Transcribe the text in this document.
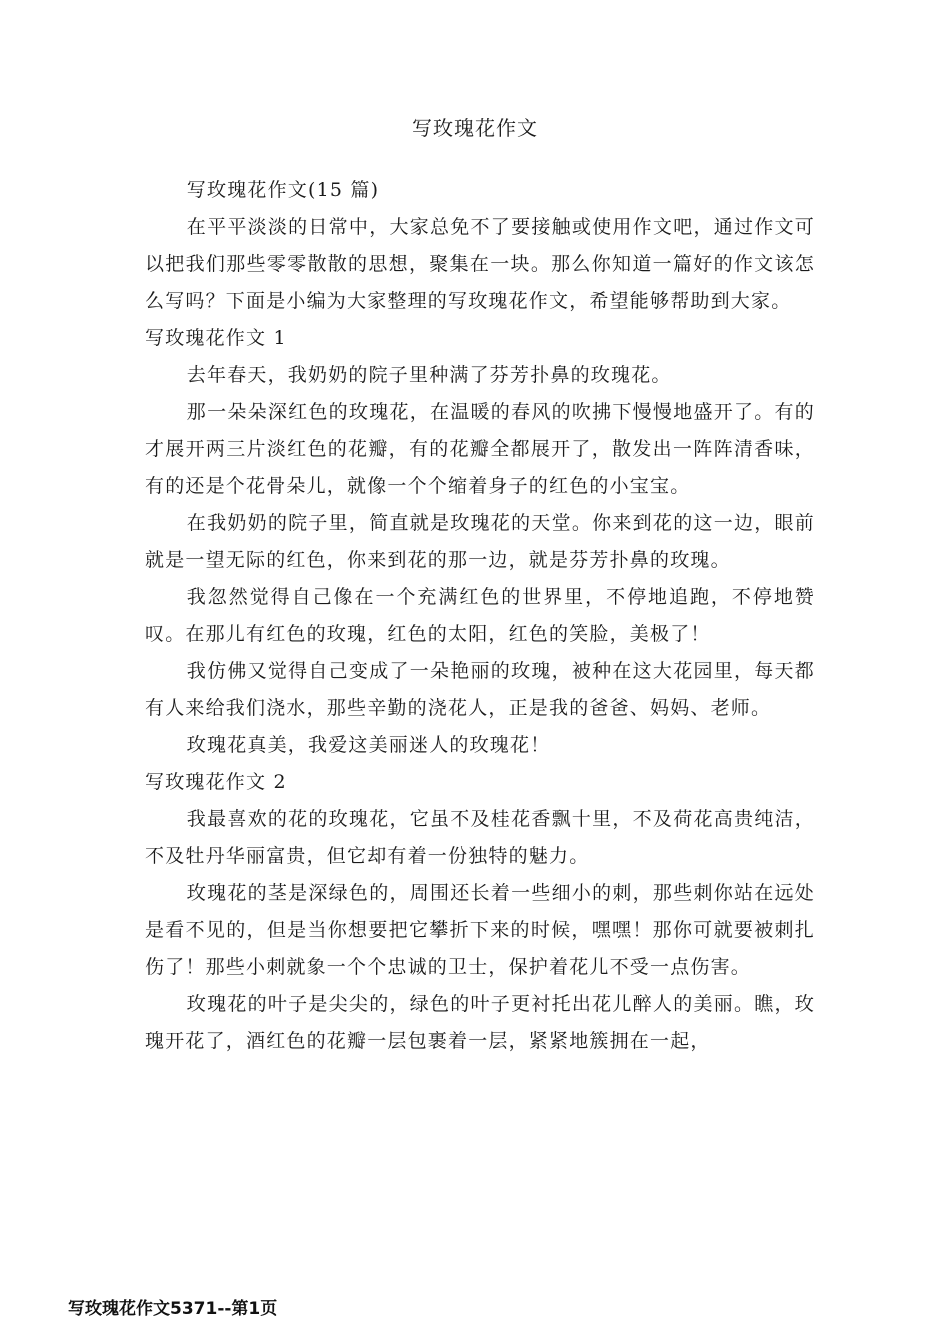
写玫瑰花作文

写玫瑰花作文(15 篇)

在平平淡淡的日常中，大家总免不了要接触或使用作文吧，通过作文可以把我们那些零零散散的思想，聚集在一块。那么你知道一篇好的作文该怎么写吗？下面是小编为大家整理的写玫瑰花作文，希望能够帮助到大家。

写玫瑰花作文 1

去年春天，我奶奶的院子里种满了芬芳扑鼻的玫瑰花。

那一朵朵深红色的玫瑰花，在温暖的春风的吹拂下慢慢地盛开了。有的才展开两三片淡红色的花瓣，有的花瓣全都展开了，散发出一阵阵清香味，有的还是个花骨朵儿，就像一个个缩着身子的红色的小宝宝。

在我奶奶的院子里，简直就是玫瑰花的天堂。你来到花的这一边，眼前就是一望无际的红色，你来到花的那一边，就是芬芳扑鼻的玫瑰。

我忽然觉得自己像在一个充满红色的世界里，不停地追跑，不停地赞叹。在那儿有红色的玫瑰，红色的太阳，红色的笑脸，美极了！

我仿佛又觉得自己变成了一朵艳丽的玫瑰，被种在这大花园里，每天都有人来给我们浇水，那些辛勤的浇花人，正是我的爸爸、妈妈、老师。

玫瑰花真美，我爱这美丽迷人的玫瑰花！

写玫瑰花作文 2

我最喜欢的花的玫瑰花，它虽不及桂花香飘十里，不及荷花高贵纯洁，不及牡丹华丽富贵，但它却有着一份独特的魅力。

玫瑰花的茎是深绿色的，周围还长着一些细小的刺，那些刺你站在远处是看不见的，但是当你想要把它攀折下来的时候，嘿嘿！那你可就要被刺扎伤了！那些小刺就象一个个忠诚的卫士，保护着花儿不受一点伤害。

玫瑰花的叶子是尖尖的，绿色的叶子更衬托出花儿醉人的美丽。瞧，玫瑰开花了，酒红色的花瓣一层包裹着一层，紧紧地簇拥在一起，

写玫瑰花作文5371--第1页
